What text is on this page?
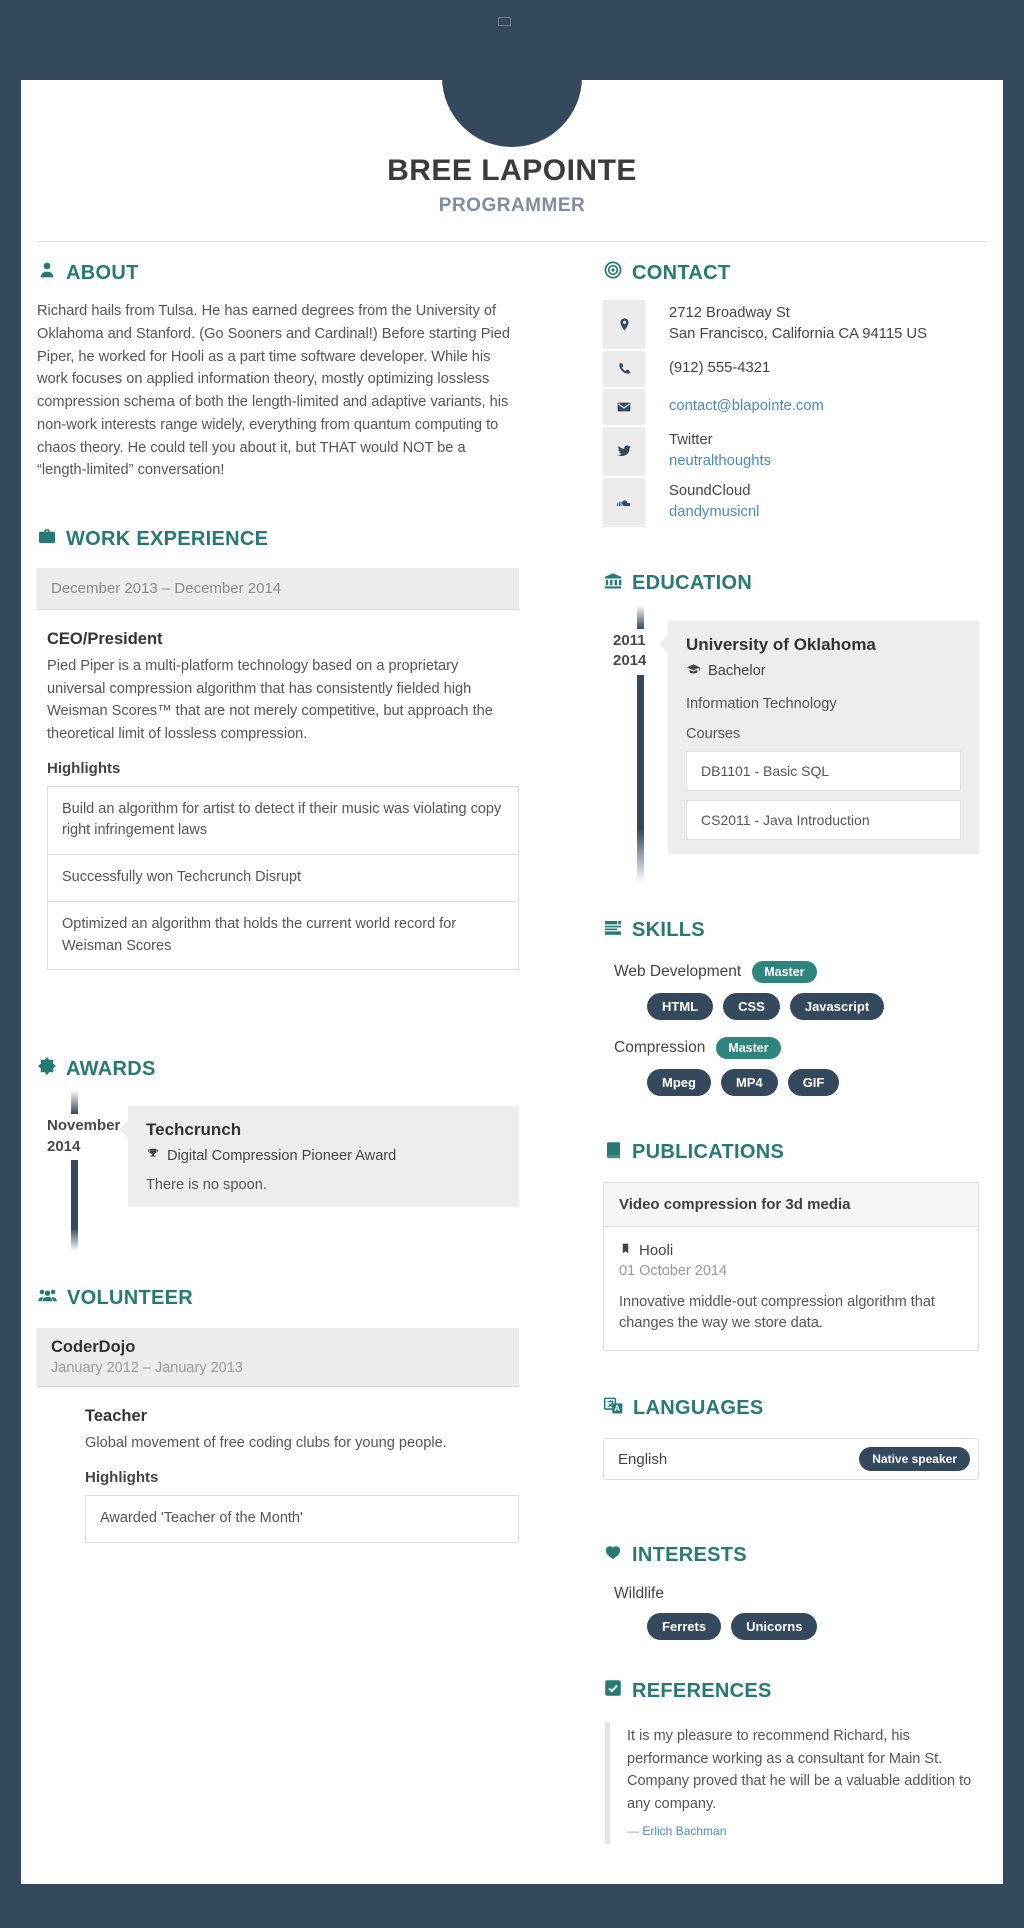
BREE LAPOINTE
PROGRAMMER
ABOUT

Richard hails from Tulsa. He has earned degrees from the University of Oklahoma and Stanford. (Go Sooners and Cardinal!) Before starting Pied Piper, he worked for Hooli as a part time software developer. While his work focuses on applied information theory, mostly optimizing lossless compression schema of both the length-limited and adaptive variants, his non-work interests range widely, everything from quantum computing to chaos theory. He could tell you about it, but THAT would NOT be a “length-limited” conversation!

WORK EXPERIENCE
December 2013 – December 2014
CEO/President

Pied Piper is a multi-platform technology based on a proprietary universal compression algorithm that has consistently fielded high Weisman Scores™ that are not merely competitive, but approach the theoretical limit of lossless compression.

Highlights
Build an algorithm for artist to detect if their music was violating copy right infringement laws
Successfully won Techcrunch Disrupt
Optimized an algorithm that holds the current world record for Weisman Scores
AWARDS
November
2014
Techcrunch
Digital Compression Pioneer Award
There is no spoon.
VOLUNTEER
CoderDojo
January 2012 – January 2013
Teacher

Global movement of free coding clubs for young people.

Highlights
Awarded 'Teacher of the Month'
CONTACT
2712 Broadway St
San Francisco, California CA 94115 US
(912) 555-4321
contact@blapointe.com
Twitter
neutralthoughts
SoundCloud
dandymusicnl
EDUCATION
2011
2014
University of Oklahoma
Bachelor
Information Technology
Courses
DB1101 - Basic SQL
CS2011 - Java Introduction
SKILLS
Web Development	Master
HTML	CSS	Javascript
Compression	Master
Mpeg	MP4	GIF
PUBLICATIONS
Video compression for 3d media
Hooli
01 October 2014
Innovative middle-out compression algorithm that changes the way we store data.
A LANGUAGES
English	Native speaker
INTERESTS
Wildlife
Ferrets	Unicorns
REFERENCES
It is my pleasure to recommend Richard, his performance working as a consultant for Main St. Company proved that he will be a valuable addition to any company.
— Erlich Bachman
